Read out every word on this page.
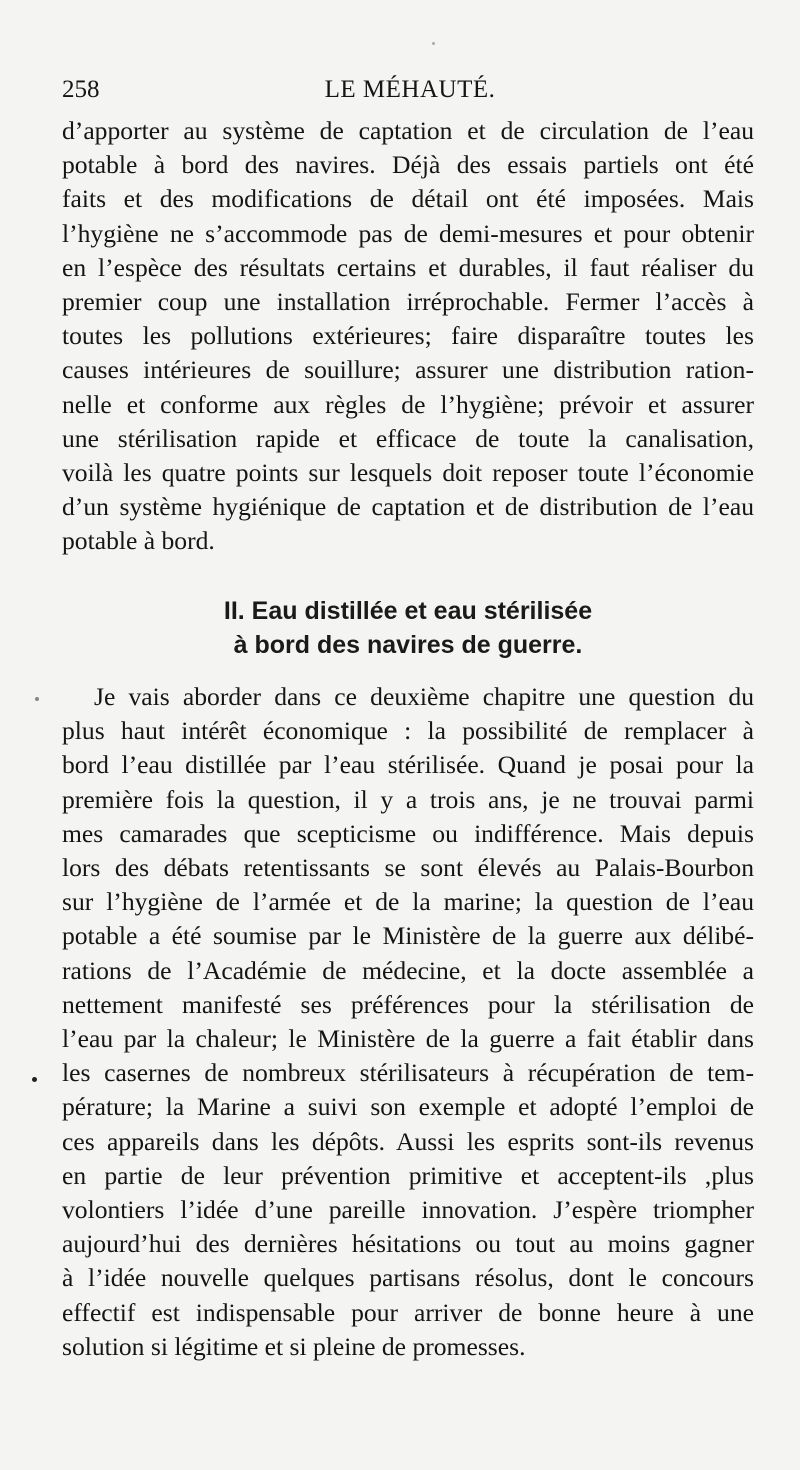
258	LE MÉHAUTÉ.
d’apporter au système de captation et de circulation de l’eau
potable à bord des navires. Déjà des essais partiels ont été
faits et des modifications de détail ont été imposées. Mais
l’hygiène ne s’accommode pas de demi-mesures et pour obtenir
en l’espèce des résultats certains et durables, il faut réaliser du
premier coup une installation irréprochable. Fermer l’accès à
toutes les pollutions extérieures; faire disparaître toutes les
causes intérieures de souillure; assurer une distribution ration-
nelle et conforme aux règles de l’hygiène; prévoir et assurer
une stérilisation rapide et efficace de toute la canalisation,
voilà les quatre points sur lesquels doit reposer toute l’économie
d’un système hygiénique de captation et de distribution de l’eau
potable à bord.
II. Eau distillée et eau stérilisée
à bord des navires de guerre.
Je vais aborder dans ce deuxième chapitre une question du
plus haut intérêt économique : la possibilité de remplacer à
bord l’eau distillée par l’eau stérilisée. Quand je posai pour la
première fois la question, il y a trois ans, je ne trouvai parmi
mes camarades que scepticisme ou indifférence. Mais depuis
lors des débats retentissants se sont élevés au Palais-Bourbon
sur l’hygiène de l’armée et de la marine; la question de l’eau
potable a été soumise par le Ministère de la guerre aux délibé-
rations de l’Académie de médecine, et la docte assemblée a
nettement manifesté ses préférences pour la stérilisation de
l’eau par la chaleur; le Ministère de la guerre a fait établir dans
les casernes de nombreux stérilisateurs à récupération de tem-
pérature; la Marine a suivi son exemple et adopté l’emploi de
ces appareils dans les dépôts. Aussi les esprits sont-ils revenus
en partie de leur prévention primitive et acceptent-ils ,plus
volontiers l’idée d’une pareille innovation. J’espère triompher
aujourd’hui des dernières hésitations ou tout au moins gagner
à l’idée nouvelle quelques partisans résolus, dont le concours
effectif est indispensable pour arriver de bonne heure à une
solution si légitime et si pleine de promesses.
